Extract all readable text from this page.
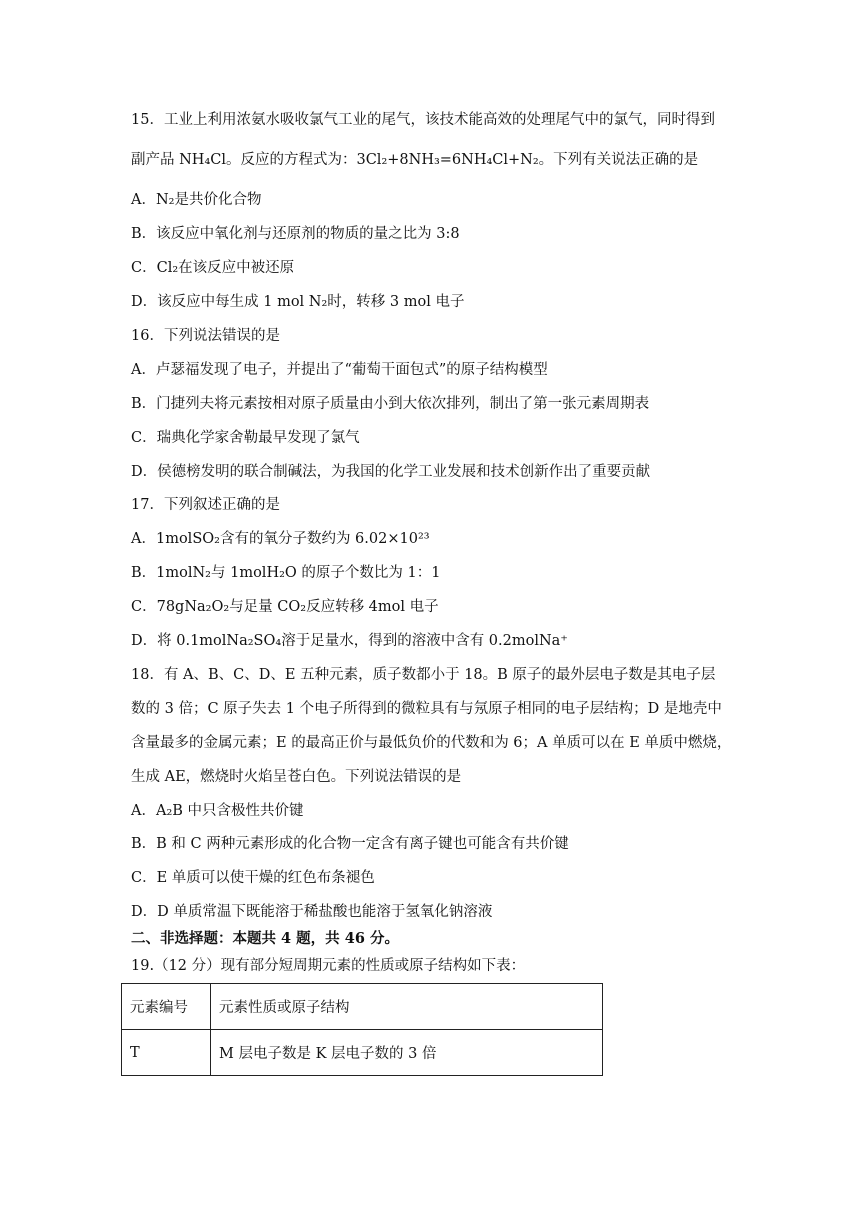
15．工业上利用浓氨水吸收氯气工业的尾气，该技术能高效的处理尾气中的氯气，同时得到
副产品 NH₄Cl。反应的方程式为：3Cl₂+8NH₃=6NH₄Cl+N₂。下列有关说法正确的是
A．N₂是共价化合物
B．该反应中氧化剂与还原剂的物质的量之比为 3:8
C．Cl₂在该反应中被还原
D．该反应中每生成 1 mol N₂时，转移 3 mol 电子
16．下列说法错误的是
A．卢瑟福发现了电子，并提出了“葡萄干面包式”的原子结构模型
B．门捷列夫将元素按相对原子质量由小到大依次排列，制出了第一张元素周期表
C．瑞典化学家舍勒最早发现了氯气
D．侯德榜发明的联合制碱法，为我国的化学工业发展和技术创新作出了重要贡献
17．下列叙述正确的是
A．1molSO₂含有的氧分子数约为 6.02×10²³
B．1molN₂与 1molH₂O 的原子个数比为 1：1
C．78gNa₂O₂与足量 CO₂反应转移 4mol 电子
D．将 0.1molNa₂SO₄溶于足量水，得到的溶液中含有 0.2molNa⁺
18．有 A、B、C、D、E 五种元素，质子数都小于 18。B 原子的最外层电子数是其电子层
数的 3 倍；C 原子失去 1 个电子所得到的微粒具有与氖原子相同的电子层结构；D 是地壳中
含量最多的金属元素；E 的最高正价与最低负价的代数和为 6；A 单质可以在 E 单质中燃烧，
生成 AE，燃烧时火焰呈苍白色。下列说法错误的是
A．A₂B 中只含极性共价键
B．B 和 C 两种元素形成的化合物一定含有离子键也可能含有共价键
C．E 单质可以使干燥的红色布条褪色
D．D 单质常温下既能溶于稀盐酸也能溶于氢氧化钠溶液
二、非选择题：本题共 4 题，共 46 分。
19.（12 分）现有部分短周期元素的性质或原子结构如下表：
元素编号	元素性质或原子结构
T	M 层电子数是 K 层电子数的 3 倍
